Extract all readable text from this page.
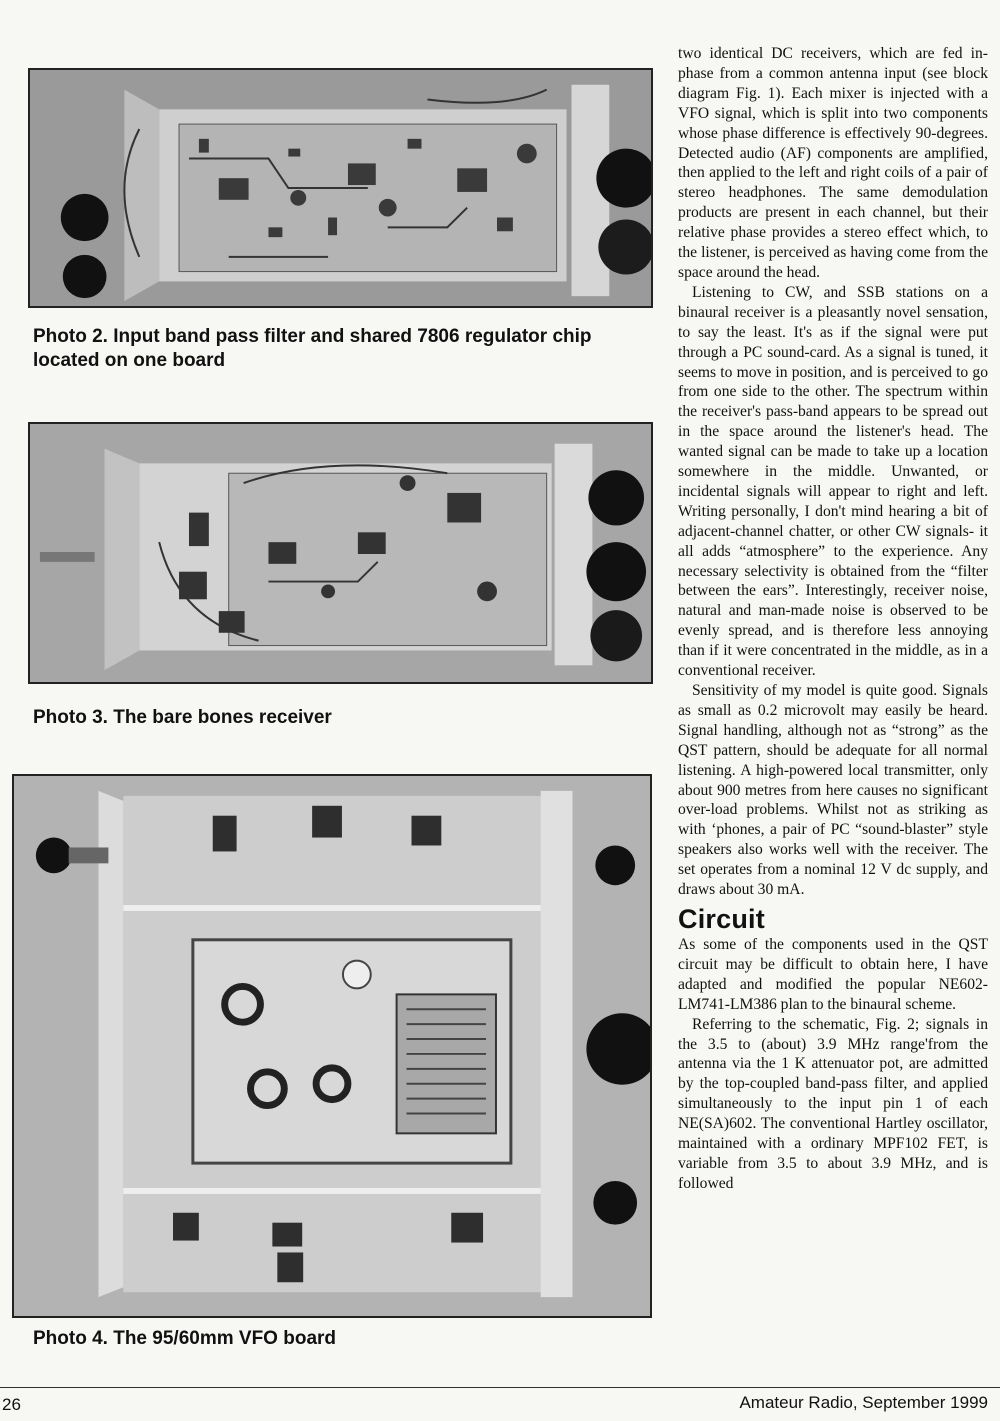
Photo 2. Input band pass filter and shared 7806 regulator chip located on one board

Photo 3. The bare bones receiver

Photo 4. The 95/60mm VFO board

two identical DC receivers, which are fed in-phase from a common antenna input (see block diagram Fig. 1). Each mixer is injected with a VFO signal, which is split into two components whose phase difference is effectively 90-degrees. Detected audio (AF) components are amplified, then applied to the left and right coils of a pair of stereo headphones. The same demodulation products are present in each channel, but their relative phase provides a stereo effect which, to the listener, is perceived as having come from the space around the head.

Listening to CW, and SSB stations on a binaural receiver is a pleasantly novel sensation, to say the least. It's as if the signal were put through a PC sound-card. As a signal is tuned, it seems to move in position, and is perceived to go from one side to the other. The spectrum within the receiver's pass-band appears to be spread out in the space around the listener's head. The wanted signal can be made to take up a location somewhere in the middle. Unwanted, or incidental signals will appear to right and left. Writing personally, I don't mind hearing a bit of adjacent-channel chatter, or other CW signals- it all adds “atmosphere” to the experience. Any necessary selectivity is obtained from the “filter between the ears”. Interestingly, receiver noise, natural and man-made noise is observed to be evenly spread, and is therefore less annoying than if it were concentrated in the middle, as in a conventional receiver.

Sensitivity of my model is quite good. Signals as small as 0.2 microvolt may easily be heard. Signal handling, although not as “strong” as the QST pattern, should be adequate for all normal listening. A high-powered local transmitter, only about 900 metres from here causes no significant over-load problems. Whilst not as striking as with ‘phones, a pair of PC “sound-blaster” style speakers also works well with the receiver. The set operates from a nominal 12 V dc supply, and draws about 30 mA.

Circuit

As some of the components used in the QST circuit may be difficult to obtain here, I have adapted and modified the popular NE602-LM741-LM386 plan to the binaural scheme.

Referring to the schematic, Fig. 2; signals in the 3.5 to (about) 3.9 MHz range'from the antenna via the 1 K attenuator pot, are admitted by the top-coupled band-pass filter, and applied simultaneously to the input pin 1 of each NE(SA)602. The conventional Hartley oscillator, maintained with a ordinary MPF102 FET, is variable from 3.5 to about 3.9 MHz, and is followed

26	Amateur Radio, September 1999
